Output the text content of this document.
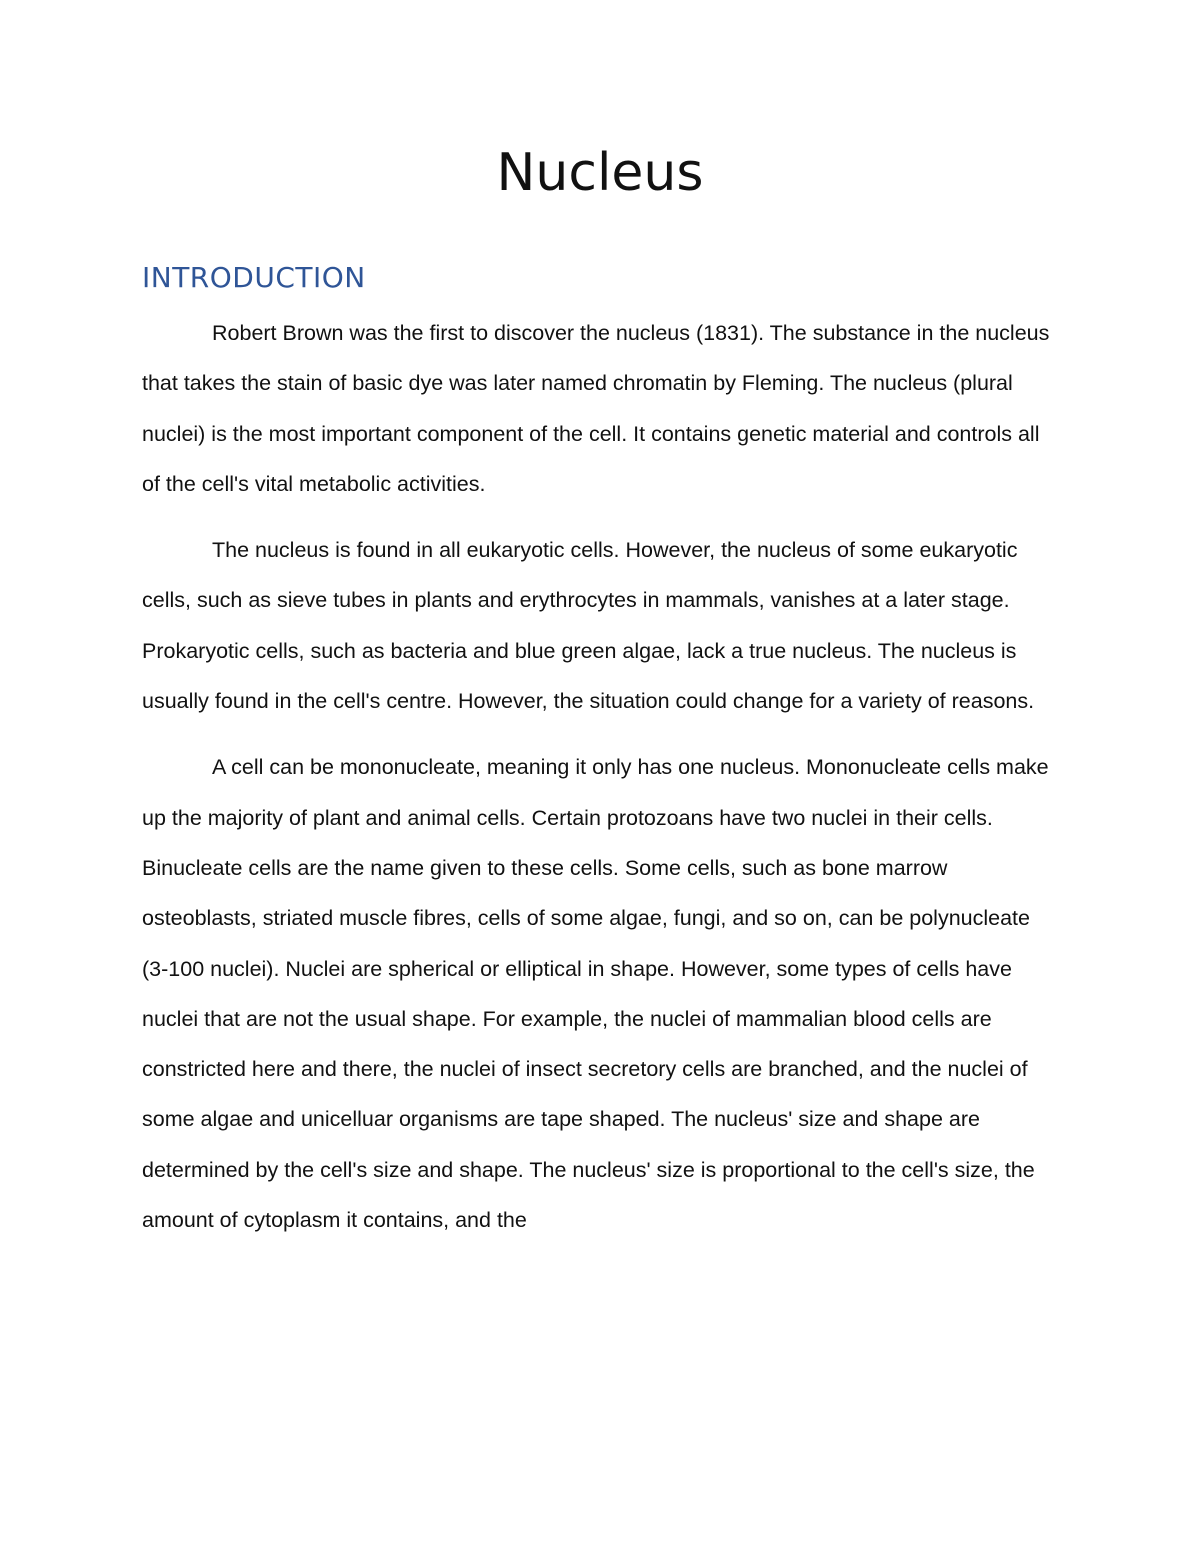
Nucleus
INTRODUCTION

Robert Brown was the first to discover the nucleus (1831). The substance in the nucleus that takes the stain of basic dye was later named chromatin by Fleming. The nucleus (plural nuclei) is the most important component of the cell. It contains genetic material and controls all of the cell's vital metabolic activities.

The nucleus is found in all eukaryotic cells. However, the nucleus of some eukaryotic cells, such as sieve tubes in plants and erythrocytes in mammals, vanishes at a later stage. Prokaryotic cells, such as bacteria and blue green algae, lack a true nucleus. The nucleus is usually found in the cell's centre. However, the situation could change for a variety of reasons.

A cell can be mononucleate, meaning it only has one nucleus. Mononucleate cells make up the majority of plant and animal cells. Certain protozoans have two nuclei in their cells. Binucleate cells are the name given to these cells. Some cells, such as bone marrow osteoblasts, striated muscle fibres, cells of some algae, fungi, and so on, can be polynucleate (3-100 nuclei). Nuclei are spherical or elliptical in shape. However, some types of cells have nuclei that are not the usual shape. For example, the nuclei of mammalian blood cells are constricted here and there, the nuclei of insect secretory cells are branched, and the nuclei of some algae and unicelluar organisms are tape shaped. The nucleus' size and shape are determined by the cell's size and shape. The nucleus' size is proportional to the cell's size, the amount of cytoplasm it contains, and the
